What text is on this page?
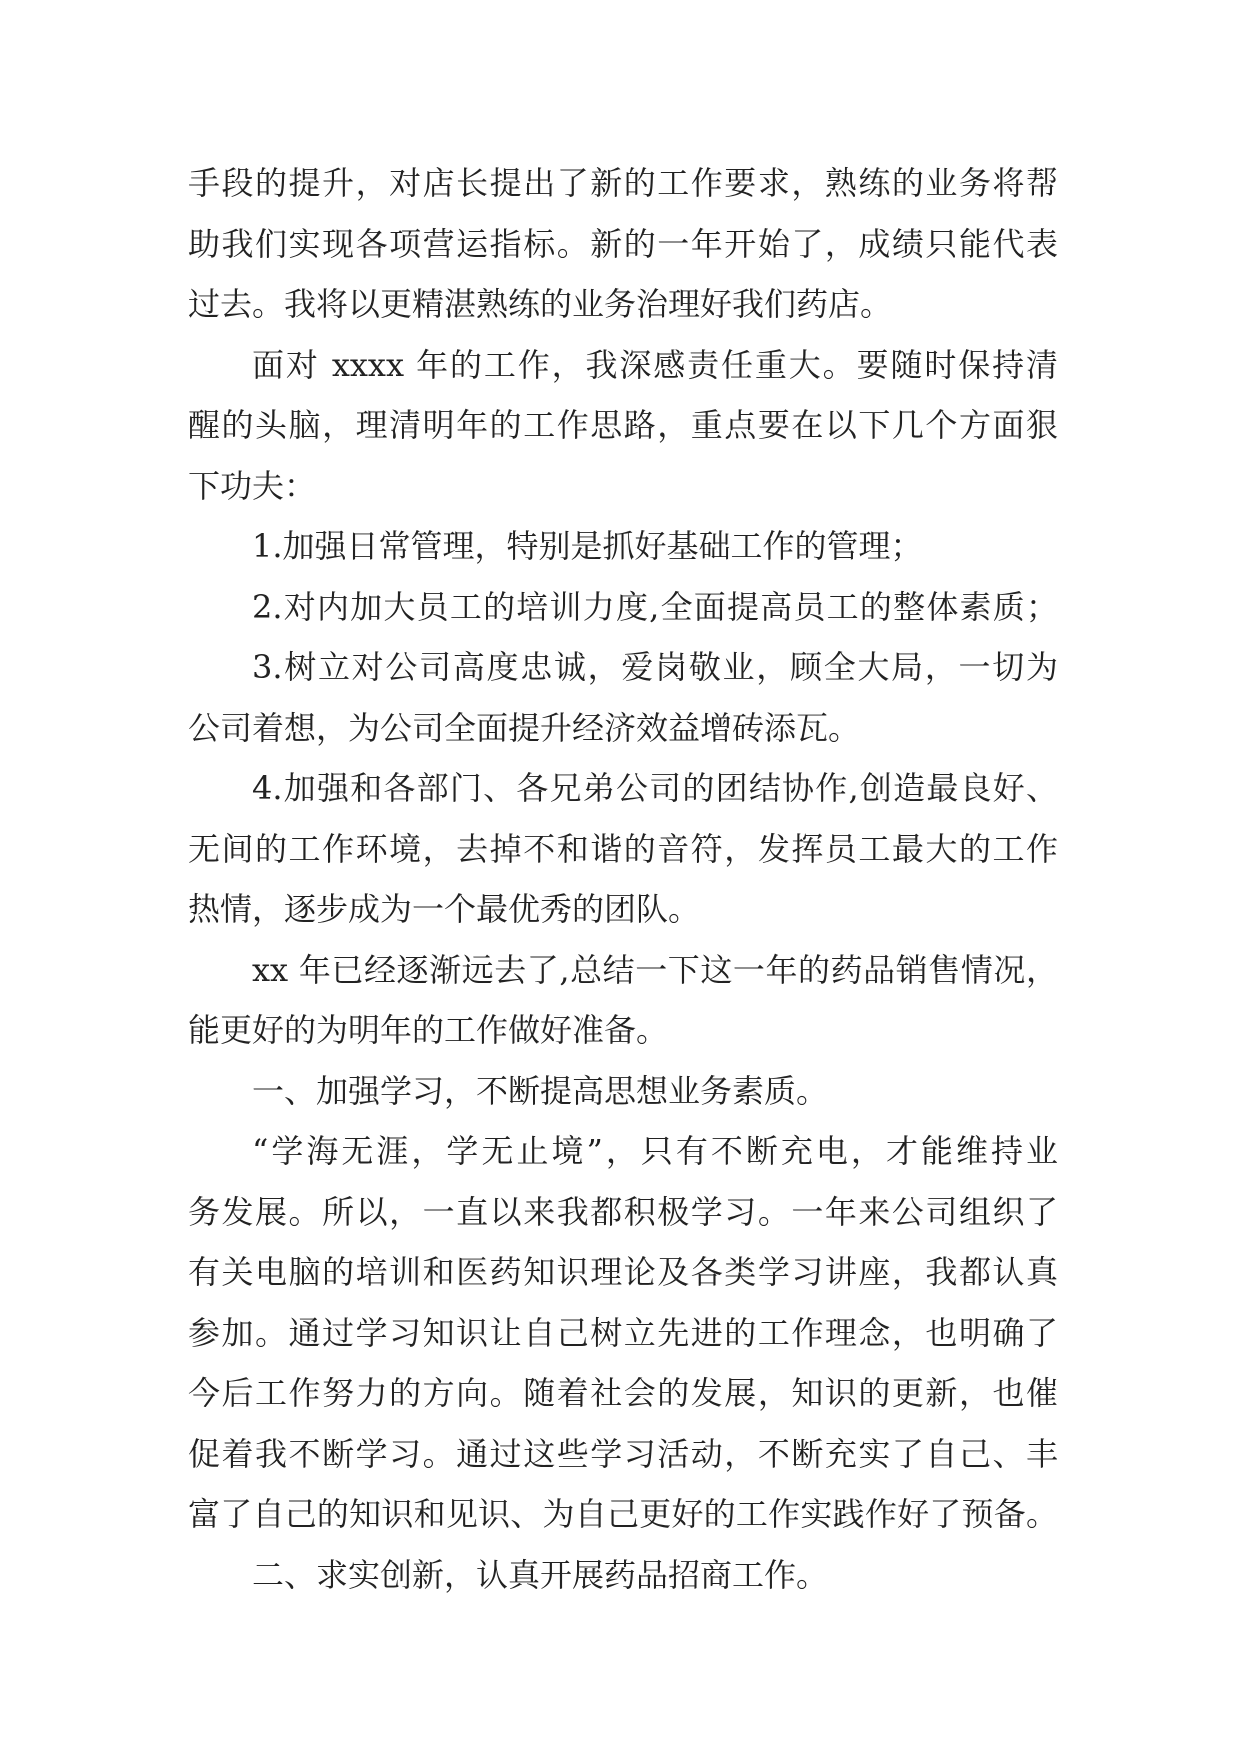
手段的提升，对店长提出了新的工作要求，熟练的业务将帮
助我们实现各项营运指标。新的一年开始了，成绩只能代表
过去。我将以更精湛熟练的业务治理好我们药店。
面对 xxxx 年的工作，我深感责任重大。要随时保持清
醒的头脑，理清明年的工作思路，重点要在以下几个方面狠
下功夫：
1.加强日常管理，特别是抓好基础工作的管理；
2.对内加大员工的培训力度,全面提高员工的整体素质；
3.树立对公司高度忠诚，爱岗敬业，顾全大局，一切为
公司着想，为公司全面提升经济效益增砖添瓦。
4.加强和各部门、各兄弟公司的团结协作,创造最良好、
无间的工作环境，去掉不和谐的音符，发挥员工最大的工作
热情，逐步成为一个最优秀的团队。
xx 年已经逐渐远去了,总结一下这一年的药品销售情况，
能更好的为明年的工作做好准备。
一、加强学习，不断提高思想业务素质。
“学海无涯，学无止境”，只有不断充电，才能维持业
务发展。所以，一直以来我都积极学习。一年来公司组织了
有关电脑的培训和医药知识理论及各类学习讲座，我都认真
参加。通过学习知识让自己树立先进的工作理念，也明确了
今后工作努力的方向。随着社会的发展，知识的更新，也催
促着我不断学习。通过这些学习活动，不断充实了自己、丰
富了自己的知识和见识、为自己更好的工作实践作好了预备。
二、求实创新，认真开展药品招商工作。
